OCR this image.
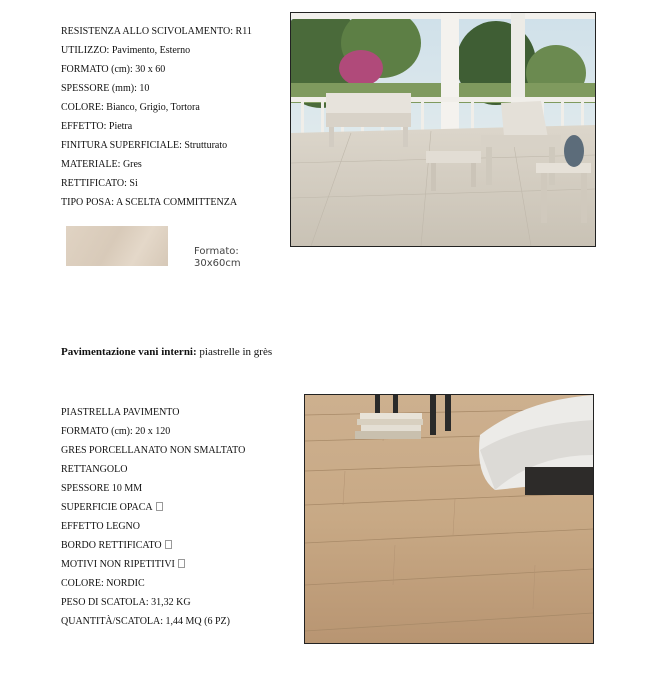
RESISTENZA ALLO SCIVOLAMENTO: R11
UTILIZZO: Pavimento, Esterno
FORMATO (cm): 30 x 60
SPESSORE (mm): 10
COLORE: Bianco, Grigio, Tortora
EFFETTO: Pietra
FINITURA SUPERFICIALE: Strutturato
MATERIALE: Gres
RETTIFICATO: Si
TIPO POSA: A SCELTA COMMITTENZA
Formato:
30x60cm
Pavimentazione vani interni: piastrelle in grès
PIASTRELLA PAVIMENTO
FORMATO (cm): 20 x 120
GRES PORCELLANATO NON SMALTATO
RETTANGOLO
SPESSORE 10 MM
SUPERFICIE OPACA
EFFETTO LEGNO
BORDO RETTIFICATO
MOTIVI NON RIPETITIVI
COLORE: NORDIC
PESO DI SCATOLA: 31,32 KG
QUANTITÀ/SCATOLA: 1,44 MQ (6 PZ)
